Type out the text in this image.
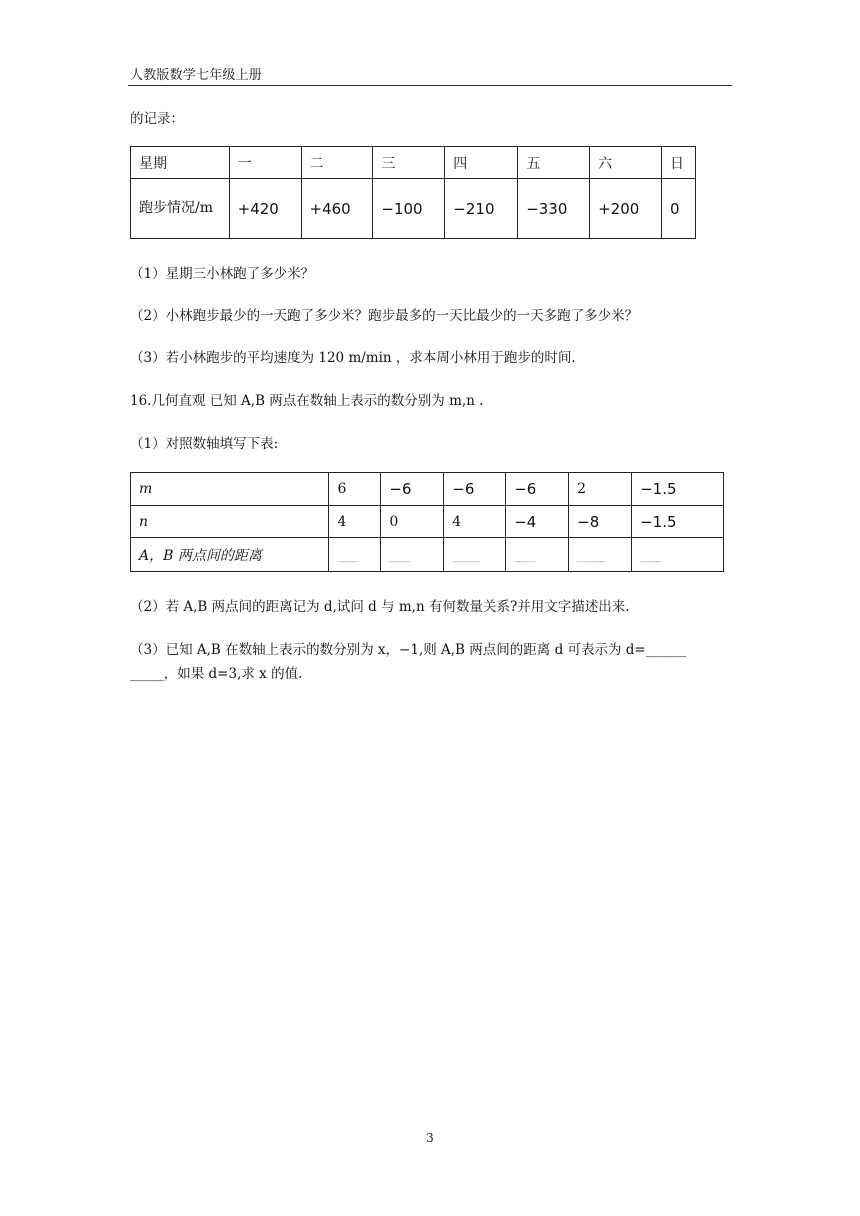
人教版数学七年级上册
的记录：
星期	一	二	三	四	五	六	日
跑步情况/m	+420	+460	−100	−210	−330	+200	0
（1）星期三小林跑了多少米？
（2）小林跑步最少的一天跑了多少米？跑步最多的一天比最少的一天多跑了多少米？
（3）若小林跑步的平均速度为 120 m/min ，求本周小林用于跑步的时间.
16.几何直观 已知 A,B 两点在数轴上表示的数分别为 m,n .
（1）对照数轴填写下表:
m	6	−6	−6	−6	2	−1.5
n	4	0	4	−4	−8	−1.5
A，B 两点间的距离	___	___	____	___	____	___
（2）若 A,B 两点间的距离记为 d,试问 d 与 m,n 有何数量关系?并用文字描述出来.
（3）已知 A,B 在数轴上表示的数分别为 x，−1,则 A,B 两点间的距离 d 可表示为 d=______
_____，如果 d=3,求 x 的值.
3
